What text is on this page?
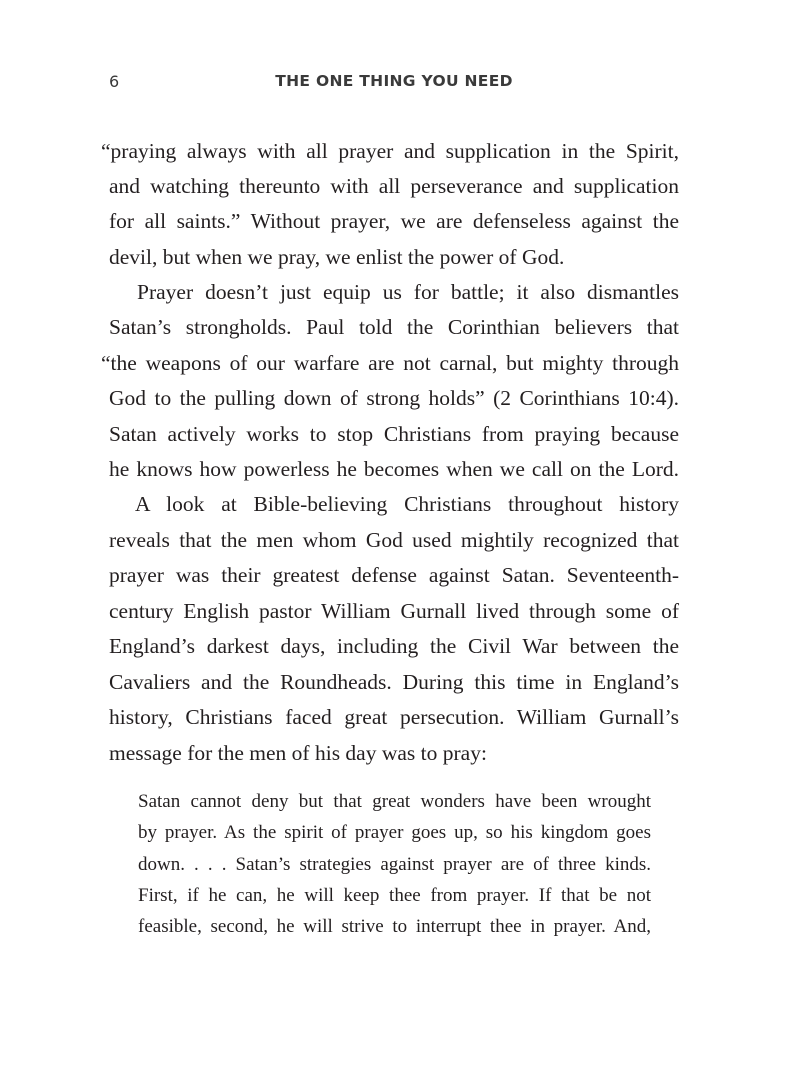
6	THE ONE THING YOU NEED
“praying always with all prayer and supplication in the Spirit,
and watching thereunto with all perseverance and supplication
for all saints.” Without prayer, we are defenseless against the
devil, but when we pray, we enlist the power of God.
Prayer doesn’t just equip us for battle; it also dismantles
Satan’s strongholds. Paul told the Corinthian believers that
“the weapons of our warfare are not carnal, but mighty through
God to the pulling down of strong holds” (2 Corinthians 10:4).
Satan actively works to stop Christians from praying because
he knows how powerless he becomes when we call on the Lord.
A look at Bible-believing Christians throughout history
reveals that the men whom God used mightily recognized that
prayer was their greatest defense against Satan. Seventeenth-
century English pastor William Gurnall lived through some of
England’s darkest days, including the Civil War between the
Cavaliers and the Roundheads. During this time in England’s
history, Christians faced great persecution. William Gurnall’s
message for the men of his day was to pray:
Satan cannot deny but that great wonders have been wrought
by prayer. As the spirit of prayer goes up, so his kingdom goes
down. . . . Satan’s strategies against prayer are of three kinds.
First, if he can, he will keep thee from prayer. If that be not
feasible, second, he will strive to interrupt thee in prayer. And,
